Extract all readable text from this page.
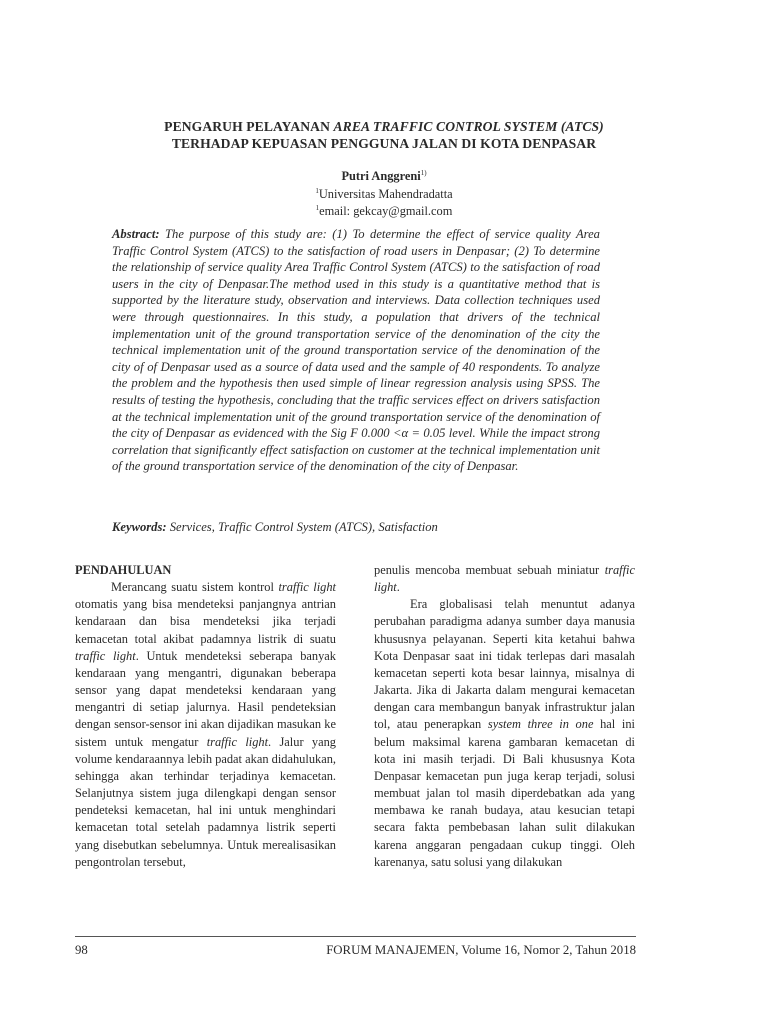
PENGARUH PELAYANAN AREA TRAFFIC CONTROL SYSTEM (ATCS)
TERHADAP KEPUASAN PENGGUNA JALAN DI KOTA DENPASAR
Putri Anggreni$^{1)}$
$^1$Universitas Mahendradatta
$^1$email: gekcay@gmail.com

Abstract: The purpose of this study are: (1) To determine the effect of service quality Area Traffic Control System (ATCS) to the satisfaction of road users in Denpasar; (2) To determine the relationship of service quality Area Traffic Control System (ATCS) to the satisfaction of road users in the city of Denpasar.The method used in this study is a quantitative method that is supported by the literature study, observation and interviews. Data collection techniques used were through questionnaires. In this study, a population that drivers of the technical implementation unit of the ground transportation service of the denomination of the city the technical implementation unit of the ground transportation service of the denomination of the city of of Denpasar used as a source of data used and the sample of 40 respondents. To analyze the problem and the hypothesis then used simple of linear regression analysis using SPSS. The results of testing the hypothesis, concluding that the traffic services effect on drivers satisfaction at the technical implementation unit of the ground transportation service of the denomination of the city of Denpasar as evidenced with the Sig F 0.000 <α = 0.05 level. While the impact strong correlation that significantly effect satisfaction on customer at the technical implementation unit of the ground transportation service of the denomination of the city of Denpasar.

Keywords: Services, Traffic Control System (ATCS), Satisfaction

PENDAHULUAN

Merancang suatu sistem kontrol traffic light otomatis yang bisa mendeteksi panjangnya antrian kendaraan dan bisa mendeteksi jika terjadi kemacetan total akibat padamnya listrik di suatu traffic light. Untuk mendeteksi seberapa banyak kendaraan yang mengantri, digunakan beberapa sensor yang dapat mendeteksi kendaraan yang mengantri di setiap jalurnya. Hasil pendeteksian dengan sensor-sensor ini akan dijadikan masukan ke sistem untuk mengatur traffic light. Jalur yang volume kendaraannya lebih padat akan didahulukan, sehingga akan terhindar terjadinya kemacetan. Selanjutnya sistem juga dilengkapi dengan sensor pendeteksi kemacetan, hal ini untuk menghindari kemacetan total setelah padamnya listrik seperti yang disebutkan sebelumnya. Untuk merealisasikan pengontrolan tersebut,

penulis mencoba membuat sebuah miniatur traffic light.

Era globalisasi telah menuntut adanya perubahan paradigma adanya sumber daya manusia khususnya pelayanan. Seperti kita ketahui bahwa Kota Denpasar saat ini tidak terlepas dari masalah kemacetan seperti kota besar lainnya, misalnya di Jakarta. Jika di Jakarta dalam mengurai kemacetan dengan cara membangun banyak infrastruktur jalan tol, atau penerapkan system three in one hal ini belum maksimal karena gambaran kemacetan di kota ini masih terjadi. Di Bali khususnya Kota Denpasar kemacetan pun juga kerap terjadi, solusi membuat jalan tol masih diperdebatkan ada yang membawa ke ranah budaya, atau kesucian tetapi secara fakta pembebasan lahan sulit dilakukan karena anggaran pengadaan cukup tinggi. Oleh karenanya, satu solusi yang dilakukan

98	FORUM MANAJEMEN, Volume 16, Nomor 2, Tahun 2018
